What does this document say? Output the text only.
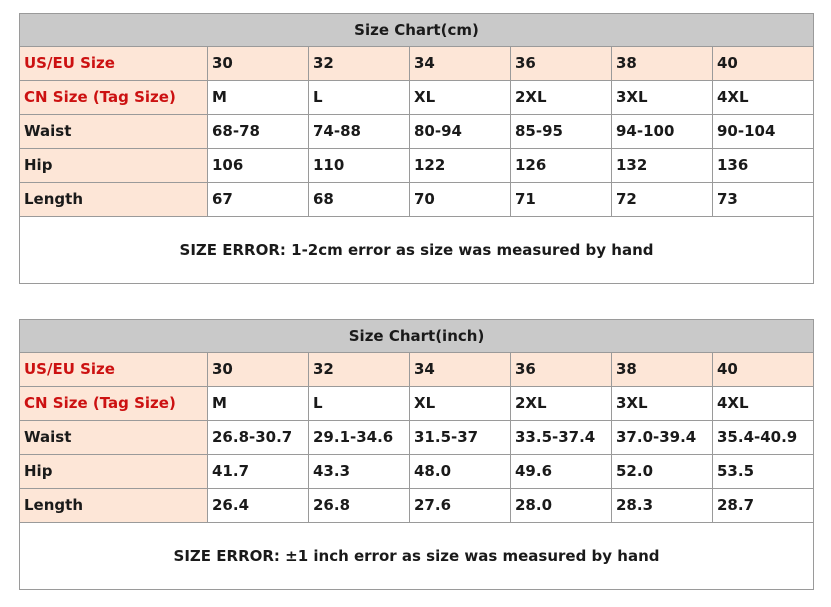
Size Chart(cm)						
US/EU Size	30	32	34	36	38	40
CN Size (Tag Size)	M	L	XL	2XL	3XL	4XL
Waist	68-78	74-88	80-94	85-95	94-100	90-104
Hip	106	110	122	126	132	136
Length	67	68	70	71	72	73
SIZE ERROR: 1-2cm error as size was measured by hand						
Size Chart(inch)						
US/EU Size	30	32	34	36	38	40
CN Size (Tag Size)	M	L	XL	2XL	3XL	4XL
Waist	26.8-30.7	29.1-34.6	31.5-37	33.5-37.4	37.0-39.4	35.4-40.9
Hip	41.7	43.3	48.0	49.6	52.0	53.5
Length	26.4	26.8	27.6	28.0	28.3	28.7
SIZE ERROR: ±1 inch error as size was measured by hand						
